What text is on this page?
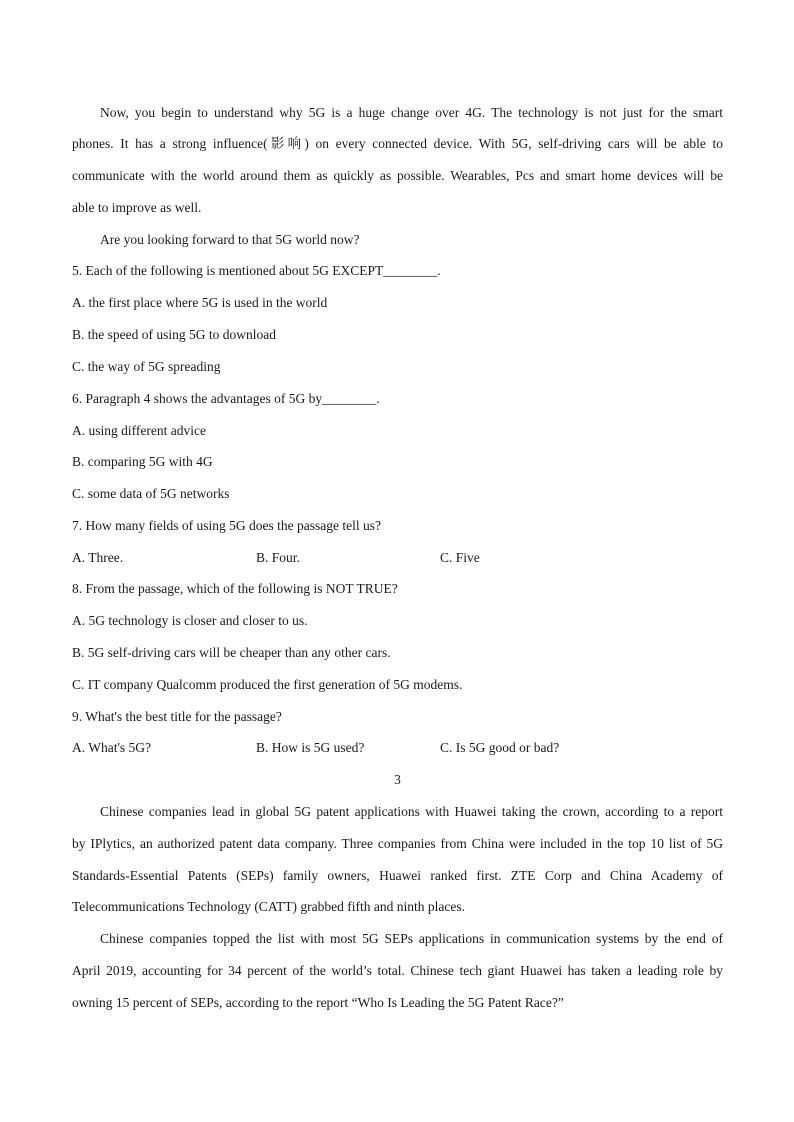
Now, you begin to understand why 5G is a huge change over 4G. The technology is not just for the smart
phones. It has a strong influence(影响) on every connected device. With 5G, self-driving cars will be able to
communicate with the world around them as quickly as possible. Wearables, Pcs and smart home devices will be
able to improve as well.
Are you looking forward to that 5G world now?
5. Each of the following is mentioned about 5G EXCEPT________.
A. the first place where 5G is used in the world
B. the speed of using 5G to download
C. the way of 5G spreading
6. Paragraph 4 shows the advantages of 5G by________.
A. using different advice
B. comparing 5G with 4G
C. some data of 5G networks
7. How many fields of using 5G does the passage tell us?
A. Three.	B. Four.	C. Five
8. From the passage, which of the following is NOT TRUE?
A. 5G technology is closer and closer to us.
B. 5G self-driving cars will be cheaper than any other cars.
C. IT company Qualcomm produced the first generation of 5G modems.
9. What's the best title for the passage?
A. What's 5G?	B. How is 5G used?	C. Is 5G good or bad?
3
Chinese companies lead in global 5G patent applications with Huawei taking the crown, according to a report
by IPlytics, an authorized patent data company. Three companies from China were included in the top 10 list of 5G
Standards-Essential Patents (SEPs) family owners, Huawei ranked first. ZTE Corp and China Academy of
Telecommunications Technology (CATT) grabbed fifth and ninth places.
Chinese companies topped the list with most 5G SEPs applications in communication systems by the end of
April 2019, accounting for 34 percent of the world’s total. Chinese tech giant Huawei has taken a leading role by
owning 15 percent of SEPs, according to the report “Who Is Leading the 5G Patent Race?”
